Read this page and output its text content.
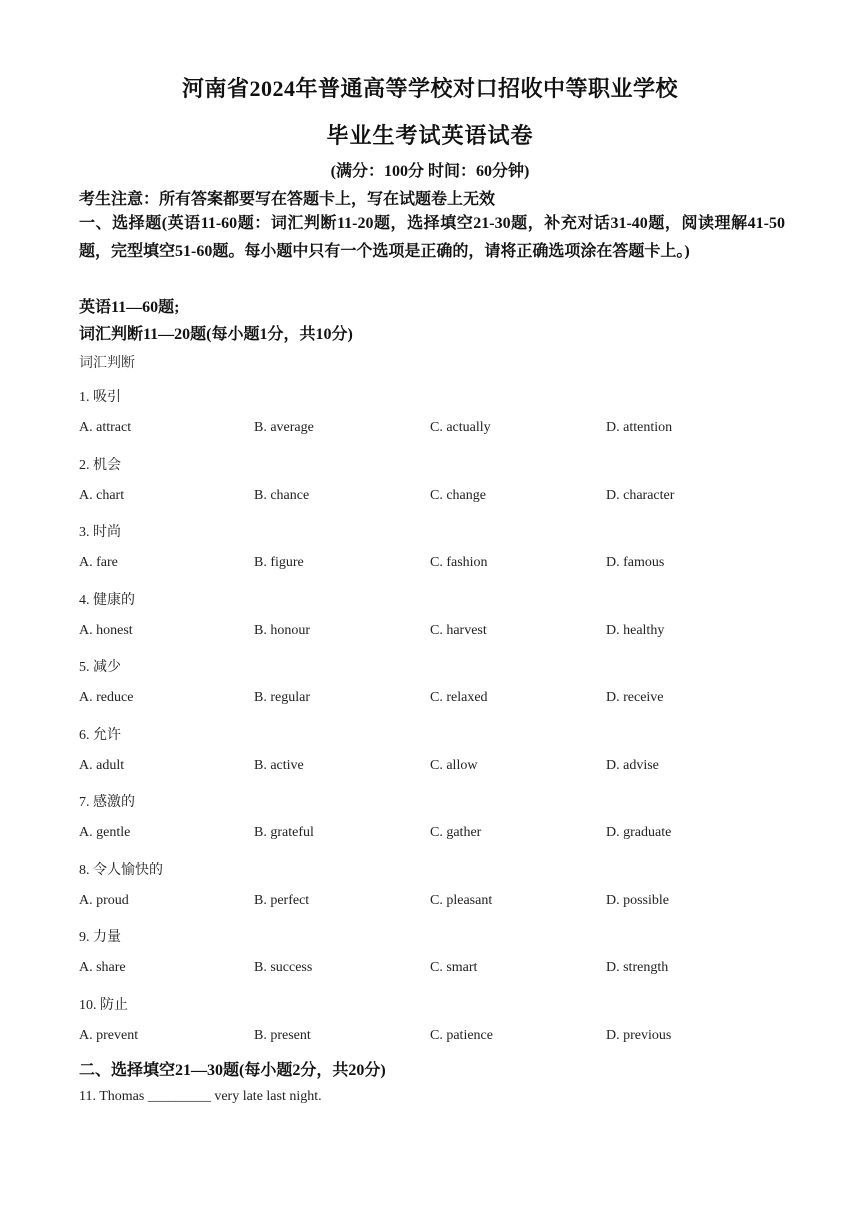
河南省2024年普通高等学校对口招收中等职业学校
毕业生考试英语试卷
(满分：100分 时间：60分钟)
考生注意：所有答案都要写在答题卡上，写在试题卷上无效
一、选择题(英语11-60题：词汇判断11-20题，选择填空21-30题，补充对话31-40题，阅读理解41-50题，完型填空51-60题。每小题中只有一个选项是正确的，请将正确选项涂在答题卡上。)
英语11—60题;
词汇判断11—20题(每小题1分，共10分)
词汇判断
1. 吸引
A. attract	B. average	C. actually	D. attention
2. 机会
A. chart	B. chance	C. change	D. character
3. 时尚
A. fare	B. figure	C. fashion	D. famous
4. 健康的
A. honest	B. honour	C. harvest	D. healthy
5. 减少
A. reduce	B. regular	C. relaxed	D. receive
6. 允许
A. adult	B. active	C. allow	D. advise
7. 感激的
A. gentle	B. grateful	C. gather	D. graduate
8. 令人愉快的
A. proud	B. perfect	C. pleasant	D. possible
9. 力量
A. share	B. success	C. smart	D. strength
10. 防止
A. prevent	B. present	C. patience	D. previous
二、选择填空21—30题(每小题2分，共20分)
11. Thomas _________ very late last night.
